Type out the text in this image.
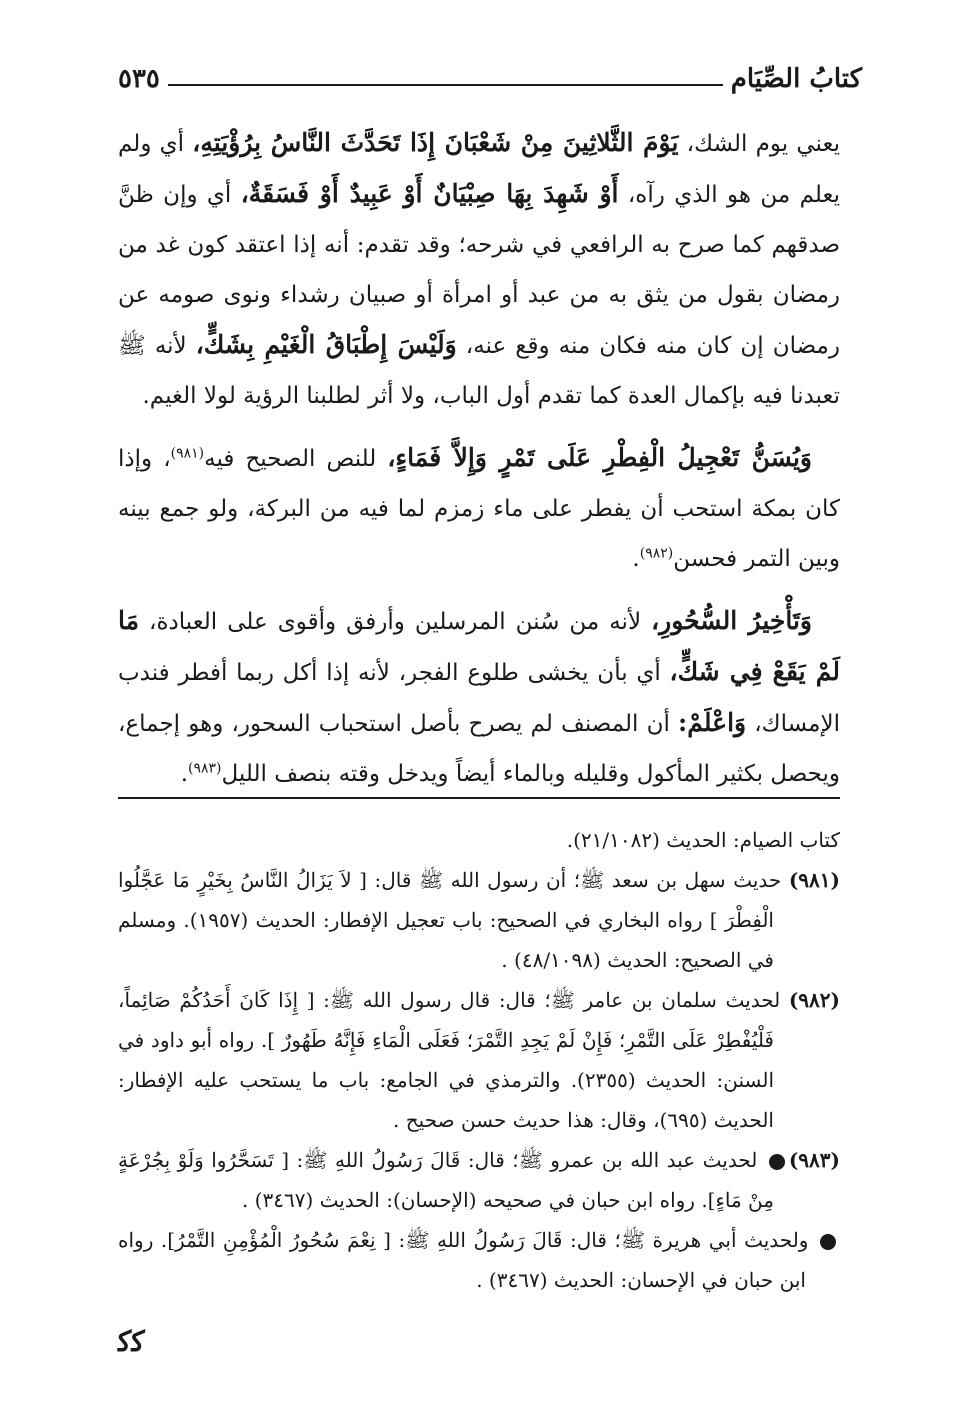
كتابُ الصِّيَام
٥٣٥

يعني يوم الشك، يَوْمَ الثَّلاثِينَ مِنْ شَعْبَانَ إِذَا تَحَدَّثَ النَّاسُ بِرُؤْيَتِهِ، أي ولم يعلم من هو الذي رآه، أَوْ شَهِدَ بِهَا صِبْيَانٌ أَوْ عَبِيدٌ أَوْ فَسَقَةٌ، أي وإن ظنَّ صدقهم كما صرح به الرافعي في شرحه؛ وقد تقدم: أنه إذا اعتقد كون غد من رمضان بقول من يثق به من عبد أو امرأة أو صبيان رشداء ونوى صومه عن رمضان إن كان منه فكان منه وقع عنه، وَلَيْسَ إِطْبَاقُ الْغَيْمِ بِشَكٍّ، لأنه ﷺ تعبدنا فيه بإكمال العدة كما تقدم أول الباب، ولا أثر لطلبنا الرؤية لولا الغيم.

وَيُسَنُّ تَعْجِيلُ الْفِطْرِ عَلَى تَمْرٍ وَإِلاَّ فَمَاءٍ، للنص الصحيح فيه$^{(٩٨١)}$، وإذا كان بمكة استحب أن يفطر على ماء زمزم لما فيه من البركة، ولو جمع بينه وبين التمر فحسن$^{(٩٨٢)}$.

وَتَأْخِيرُ السُّحُورِ، لأنه من سُنن المرسلين وأرفق وأقوى على العبادة، مَا لَمْ يَقَعْ فِي شَكٍّ، أي بأن يخشى طلوع الفجر، لأنه إذا أكل ربما أفطر فندب الإمساك، وَاعْلَمْ: أن المصنف لم يصرح بأصل استحباب السحور، وهو إجماع، ويحصل بكثير المأكول وقليله وبالماء أيضاً ويدخل وقته بنصف الليل$^{(٩٨٣)}$.

كتاب الصيام: الحديث (٢١/١٠٨٢).

(٩٨١) حديث سهل بن سعد ﷺ؛ أن رسول الله ﷺ قال: [ لاَ يَزَالُ النَّاسُ بِخَيْرٍ مَا عَجَّلُوا الْفِطْرَ ] رواه البخاري في الصحيح: باب تعجيل الإفطار: الحديث (١٩٥٧). ومسلم في الصحيح: الحديث (٤٨/١٠٩٨) .

(٩٨٢) لحديث سلمان بن عامر ﷺ؛ قال: قال رسول الله ﷺ: [ إِذَا كَانَ أَحَدُكُمْ صَائِماً، فَلْيُفْطِرْ عَلَى التَّمْرِ؛ فَإِنْ لَمْ يَجِدِ التَّمْرَ؛ فَعَلَى الْمَاءِ فَإِنَّهُ طَهُورٌ ]. رواه أبو داود في السنن: الحديث (٢٣٥٥). والترمذي في الجامع: باب ما يستحب عليه الإفطار: الحديث (٦٩٥)، وقال: هذا حديث حسن صحيح .

(٩٨٣) لحديث عبد الله بن عمرو ﷺ؛ قال: قَالَ رَسُولُ اللهِ ﷺ: [ تَسَحَّرُوا وَلَوْ بِجُرْعَةٍ مِنْ مَاءٍ]. رواه ابن حبان في صحيحه (الإحسان): الحديث (٣٤٦٧) .

ولحديث أبي هريرة ﷺ؛ قال: قَالَ رَسُولُ اللهِ ﷺ: [ نِعْمَ سُحُورُ الْمُؤْمِنِ التَّمْرُ]. رواه ابن حبان في الإحسان: الحديث (٣٤٦٧) .

ﮐﮐ
